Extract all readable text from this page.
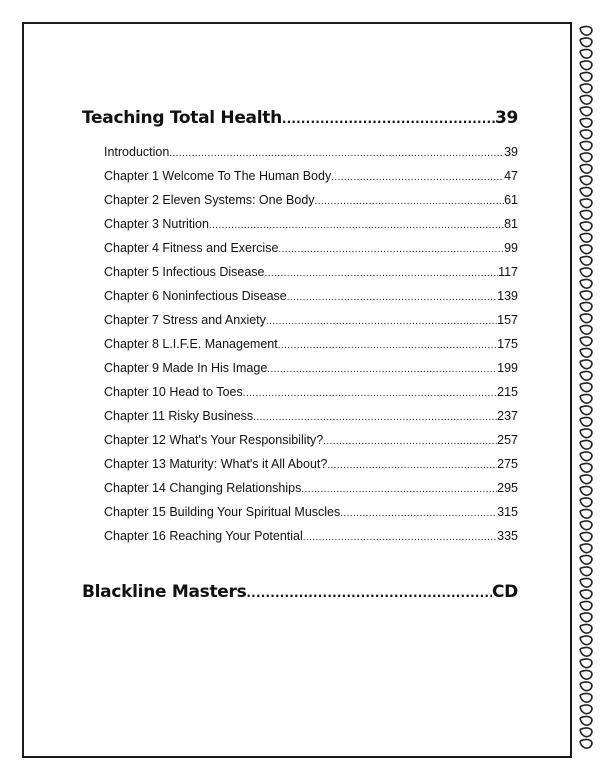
Teaching Total Health .....	39
Introduction .....	39
Chapter 1 Welcome To The Human Body .....	47
Chapter 2 Eleven Systems: One Body .....	61
Chapter 3 Nutrition .....	81
Chapter 4 Fitness and Exercise .....	99
Chapter 5 Infectious Disease .....	117
Chapter 6 Noninfectious Disease .....	139
Chapter 7 Stress and Anxiety .....	157
Chapter 8 L.I.F.E. Management .....	175
Chapter 9 Made In His Image .....	199
Chapter 10 Head to Toes .....	215
Chapter 11 Risky Business .....	237
Chapter 12 What's Your Responsibility? .....	257
Chapter 13 Maturity: What's it All About? .....	275
Chapter 14 Changing Relationships .....	295
Chapter 15 Building Your Spiritual Muscles .....	315
Chapter 16 Reaching Your Potential .....	335
Blackline Masters .....	CD
